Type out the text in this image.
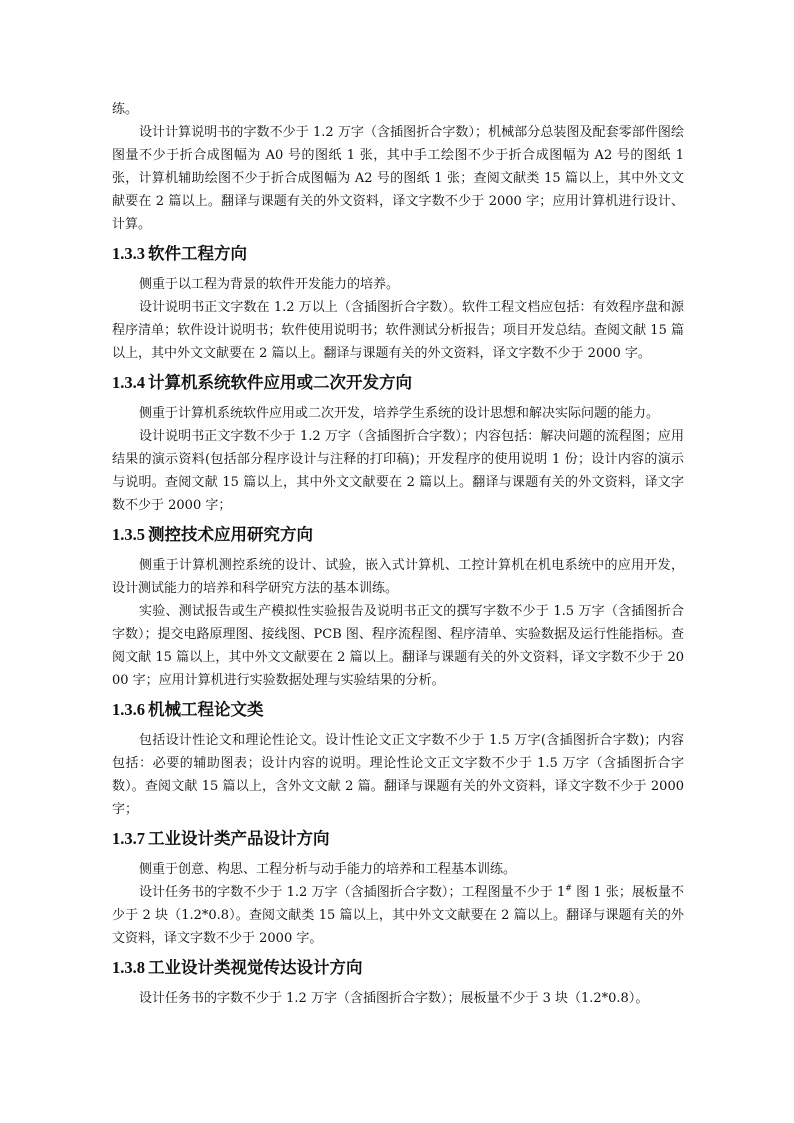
练。

设计计算说明书的字数不少于 1.2 万字（含插图折合字数）；机械部分总装图及配套零部件图绘图量不少于折合成图幅为 A0 号的图纸 1 张，其中手工绘图不少于折合成图幅为 A2 号的图纸 1 张，计算机辅助绘图不少于折合成图幅为 A2 号的图纸 1 张；查阅文献类 15 篇以上，其中外文文献要在 2 篇以上。翻译与课题有关的外文资料，译文字数不少于 2000 字；应用计算机进行设计、计算。

1.3.3 软件工程方向

侧重于以工程为背景的软件开发能力的培养。

设计说明书正文字数在 1.2 万以上（含插图折合字数）。软件工程文档应包括：有效程序盘和源程序清单；软件设计说明书；软件使用说明书；软件测试分析报告；项目开发总结。查阅文献 15 篇以上，其中外文文献要在 2 篇以上。翻译与课题有关的外文资料，译文字数不少于 2000 字。

1.3.4 计算机系统软件应用或二次开发方向

侧重于计算机系统软件应用或二次开发，培养学生系统的设计思想和解决实际问题的能力。

设计说明书正文字数不少于 1.2 万字（含插图折合字数）；内容包括：解决问题的流程图；应用结果的演示资料(包括部分程序设计与注释的打印稿)；开发程序的使用说明 1 份；设计内容的演示与说明。查阅文献 15 篇以上，其中外文文献要在 2 篇以上。翻译与课题有关的外文资料，译文字数不少于 2000 字；

1.3.5 测控技术应用研究方向

侧重于计算机测控系统的设计、试验，嵌入式计算机、工控计算机在机电系统中的应用开发，设计测试能力的培养和科学研究方法的基本训练。

实验、测试报告或生产模拟性实验报告及说明书正文的撰写字数不少于 1.5 万字（含插图折合字数）；提交电路原理图、接线图、PCB 图、程序流程图、程序清单、实验数据及运行性能指标。查阅文献 15 篇以上，其中外文文献要在 2 篇以上。翻译与课题有关的外文资料，译文字数不少于 2000 字；应用计算机进行实验数据处理与实验结果的分析。

1.3.6 机械工程论文类

包括设计性论文和理论性论文。设计性论文正文字数不少于 1.5 万字(含插图折合字数)；内容包括：必要的辅助图表；设计内容的说明。理论性论文正文字数不少于 1.5 万字（含插图折合字数）。查阅文献 15 篇以上，含外文文献 2 篇。翻译与课题有关的外文资料，译文字数不少于 2000 字；

1.3.7 工业设计类产品设计方向

侧重于创意、构思、工程分析与动手能力的培养和工程基本训练。

设计任务书的字数不少于 1.2 万字（含插图折合字数）；工程图量不少于 1# 图 1 张；展板量不少于 2 块（1.2*0.8）。查阅文献类 15 篇以上，其中外文文献要在 2 篇以上。翻译与课题有关的外文资料，译文字数不少于 2000 字。

1.3.8 工业设计类视觉传达设计方向

设计任务书的字数不少于 1.2 万字（含插图折合字数）；展板量不少于 3 块（1.2*0.8）。
